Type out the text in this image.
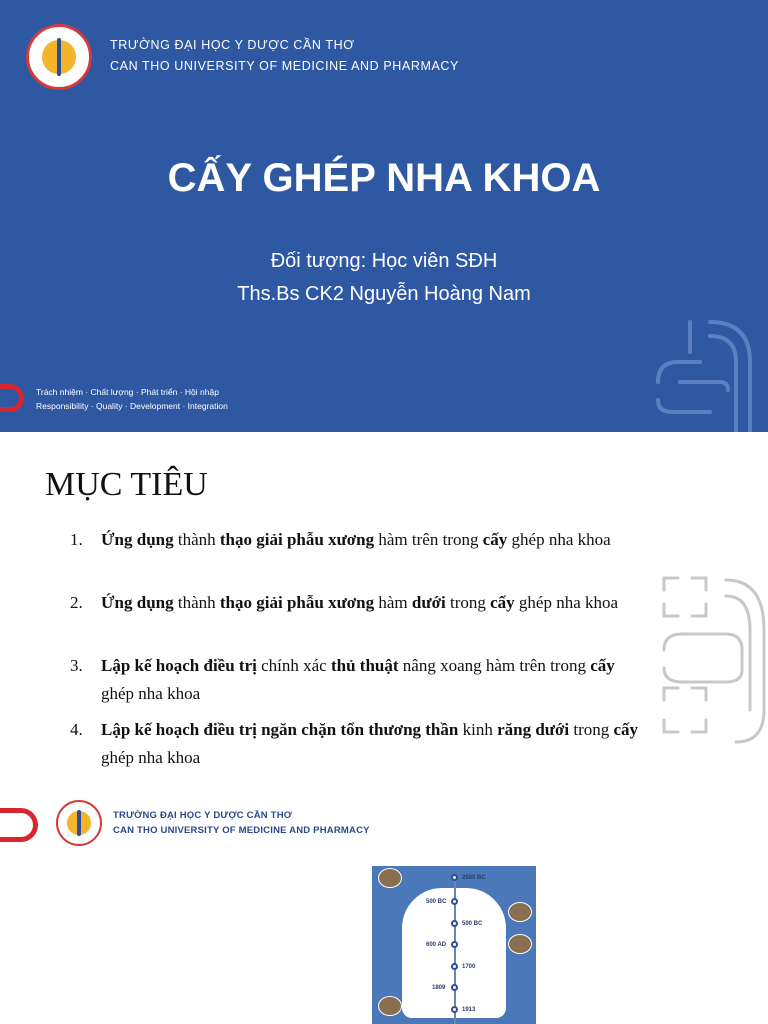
TRƯỜNG ĐẠI HỌC Y DƯỢC CẦN THƠ
CAN THO UNIVERSITY OF MEDICINE AND PHARMACY
CẤY GHÉP NHA KHOA
Đối tượng: Học viên SĐH
Ths.Bs CK2 Nguyễn Hoàng Nam
Trách nhiệm · Chất lượng · Phát triển · Hội nhập
Responsibility · Quality · Development · Integration
MỤC TIÊU
1.	Ứng dụng thành thạo giải phẫu xương hàm trên trong cấy ghép nha khoa
2.	Ứng dụng thành thạo giải phẫu xương hàm dưới trong cấy ghép nha khoa
3.	Lập kế hoạch điều trị chính xác thủ thuật nâng xoang hàm trên trong cấy ghép nha khoa
4.	Lập kế hoạch điều trị ngăn chặn tổn thương thần kinh răng dưới trong cấy ghép nha khoa
TRƯỜNG ĐẠI HỌC Y DƯỢC CẦN THƠ
CAN THO UNIVERSITY OF MEDICINE AND PHARMACY
2500 BC
500 BC
500 BC
600 AD
1700
1809
1913
